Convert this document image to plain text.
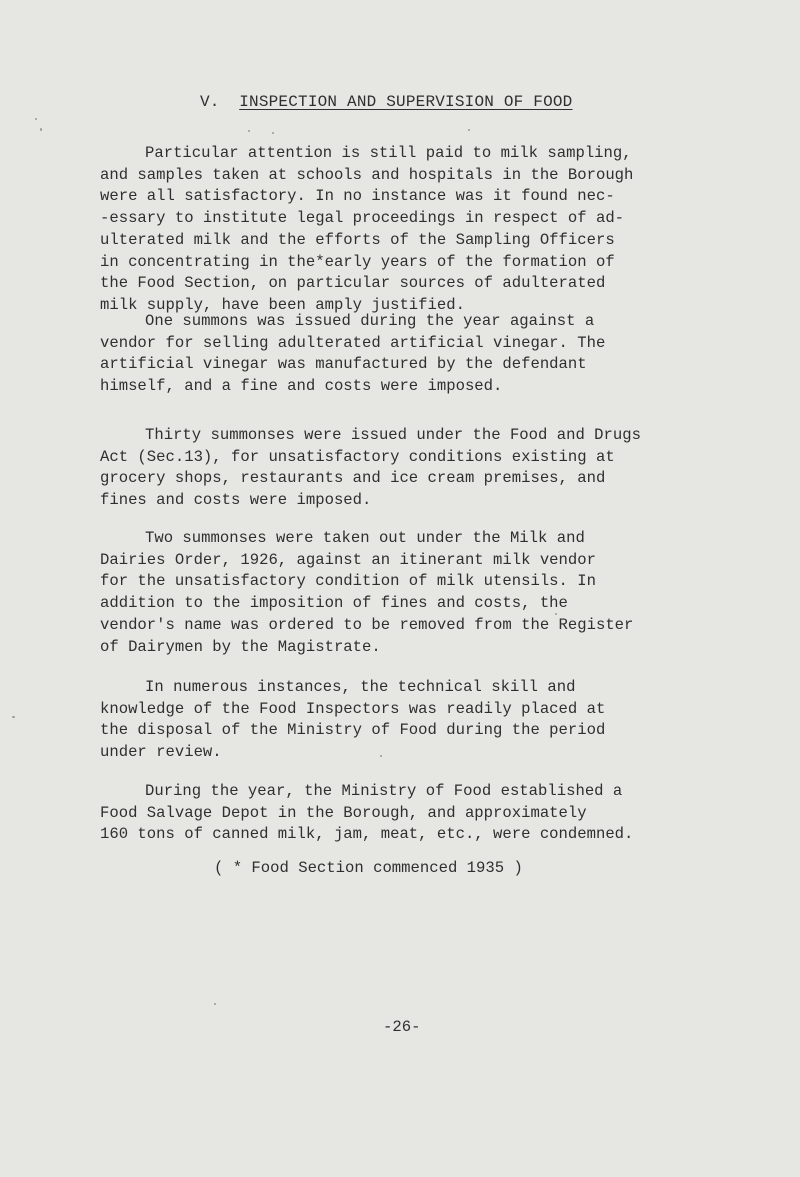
V. INSPECTION AND SUPERVISION OF FOOD

Particular attention is still paid to milk sampling,
and samples taken at schools and hospitals in the Borough
were all satisfactory. In no instance was it found nec-
-essary to institute legal proceedings in respect of ad-
ulterated milk and the efforts of the Sampling Officers
in concentrating in the*early years of the formation of
the Food Section, on particular sources of adulterated
milk supply, have been amply justified.

One summons was issued during the year against a
vendor for selling adulterated artificial vinegar. The
artificial vinegar was manufactured by the defendant
himself, and a fine and costs were imposed.

Thirty summonses were issued under the Food and Drugs
Act (Sec.13), for unsatisfactory conditions existing at
grocery shops, restaurants and ice cream premises, and
fines and costs were imposed.

Two summonses were taken out under the Milk and
Dairies Order, 1926, against an itinerant milk vendor
for the unsatisfactory condition of milk utensils. In
addition to the imposition of fines and costs, the
vendor's name was ordered to be removed from the Register
of Dairymen by the Magistrate.

In numerous instances, the technical skill and
knowledge of the Food Inspectors was readily placed at
the disposal of the Ministry of Food during the period
under review.

During the year, the Ministry of Food established a
Food Salvage Depot in the Borough, and approximately
160 tons of canned milk, jam, meat, etc., were condemned.

( * Food Section commenced 1935 )

-26-
